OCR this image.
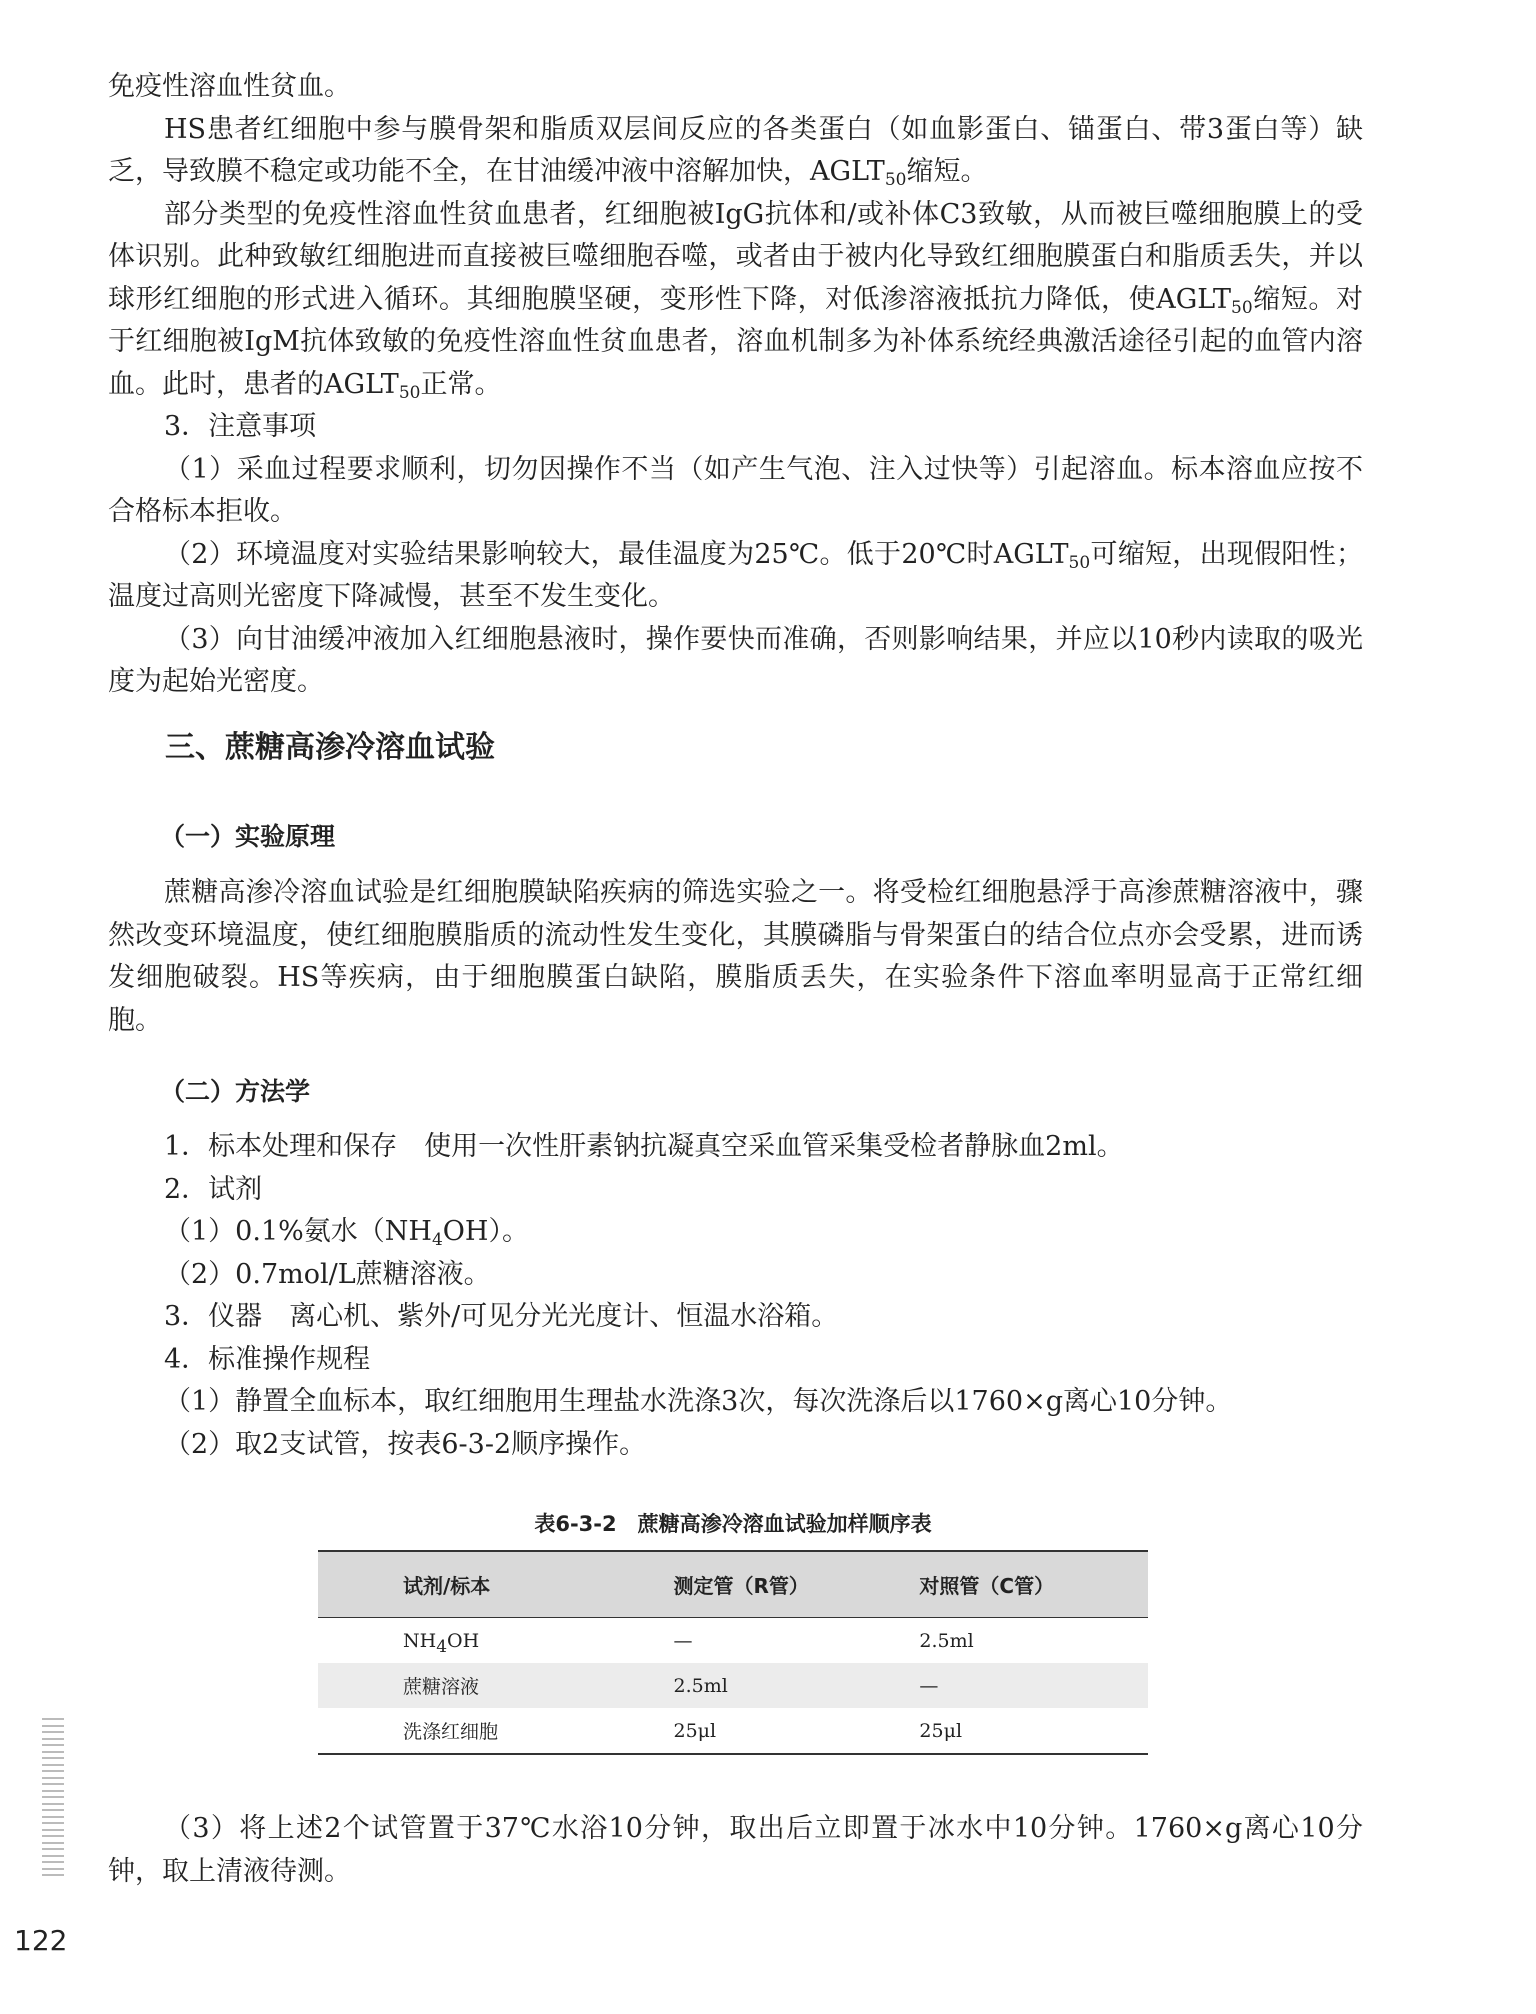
免疫性溶血性贫血。

HS患者红细胞中参与膜骨架和脂质双层间反应的各类蛋白（如血影蛋白、锚蛋白、带3蛋白等）缺乏，导致膜不稳定或功能不全，在甘油缓冲液中溶解加快，$AGLT_{50}$缩短。

部分类型的免疫性溶血性贫血患者，红细胞被IgG抗体和/或补体C3致敏，从而被巨噬细胞膜上的受体识别。此种致敏红细胞进而直接被巨噬细胞吞噬，或者由于被内化导致红细胞膜蛋白和脂质丢失，并以球形红细胞的形式进入循环。其细胞膜坚硬，变形性下降，对低渗溶液抵抗力降低，使$AGLT_{50}$缩短。对于红细胞被IgM抗体致敏的免疫性溶血性贫血患者，溶血机制多为补体系统经典激活途径引起的血管内溶血。此时，患者的$AGLT_{50}$正常。

3．注意事项

（1）采血过程要求顺利，切勿因操作不当（如产生气泡、注入过快等）引起溶血。标本溶血应按不合格标本拒收。

（2）环境温度对实验结果影响较大，最佳温度为25℃。低于20℃时$AGLT_{50}$可缩短，出现假阳性；温度过高则光密度下降减慢，甚至不发生变化。

（3）向甘油缓冲液加入红细胞悬液时，操作要快而准确，否则影响结果，并应以10秒内读取的吸光度为起始光密度。

三、蔗糖高渗冷溶血试验
（一）实验原理

蔗糖高渗冷溶血试验是红细胞膜缺陷疾病的筛选实验之一。将受检红细胞悬浮于高渗蔗糖溶液中，骤然改变环境温度，使红细胞膜脂质的流动性发生变化，其膜磷脂与骨架蛋白的结合位点亦会受累，进而诱发细胞破裂。HS等疾病，由于细胞膜蛋白缺陷，膜脂质丢失，在实验条件下溶血率明显高于正常红细胞。

（二）方法学

1．标本处理和保存　使用一次性肝素钠抗凝真空采血管采集受检者静脉血2ml。

2．试剂

（1）0.1%氨水$(NH_4OH)$。

（2）0.7mol/L蔗糖溶液。

3．仪器　离心机、紫外/可见分光光度计、恒温水浴箱。

4．标准操作规程

（1）静置全血标本，取红细胞用生理盐水洗涤3次，每次洗涤后以1760×g离心10分钟。

（2）取2支试管，按表6-3-2顺序操作。

表6-3-2　蔗糖高渗冷溶血试验加样顺序表
试剂/标本	测定管（R管）	对照管（C管）
$NH_4OH$	—	2.5ml
蔗糖溶液	2.5ml	—
洗涤红细胞	25μl	25μl

（3）将上述2个试管置于37℃水浴10分钟，取出后立即置于冰水中10分钟。1760×g离心10分钟，取上清液待测。

122
